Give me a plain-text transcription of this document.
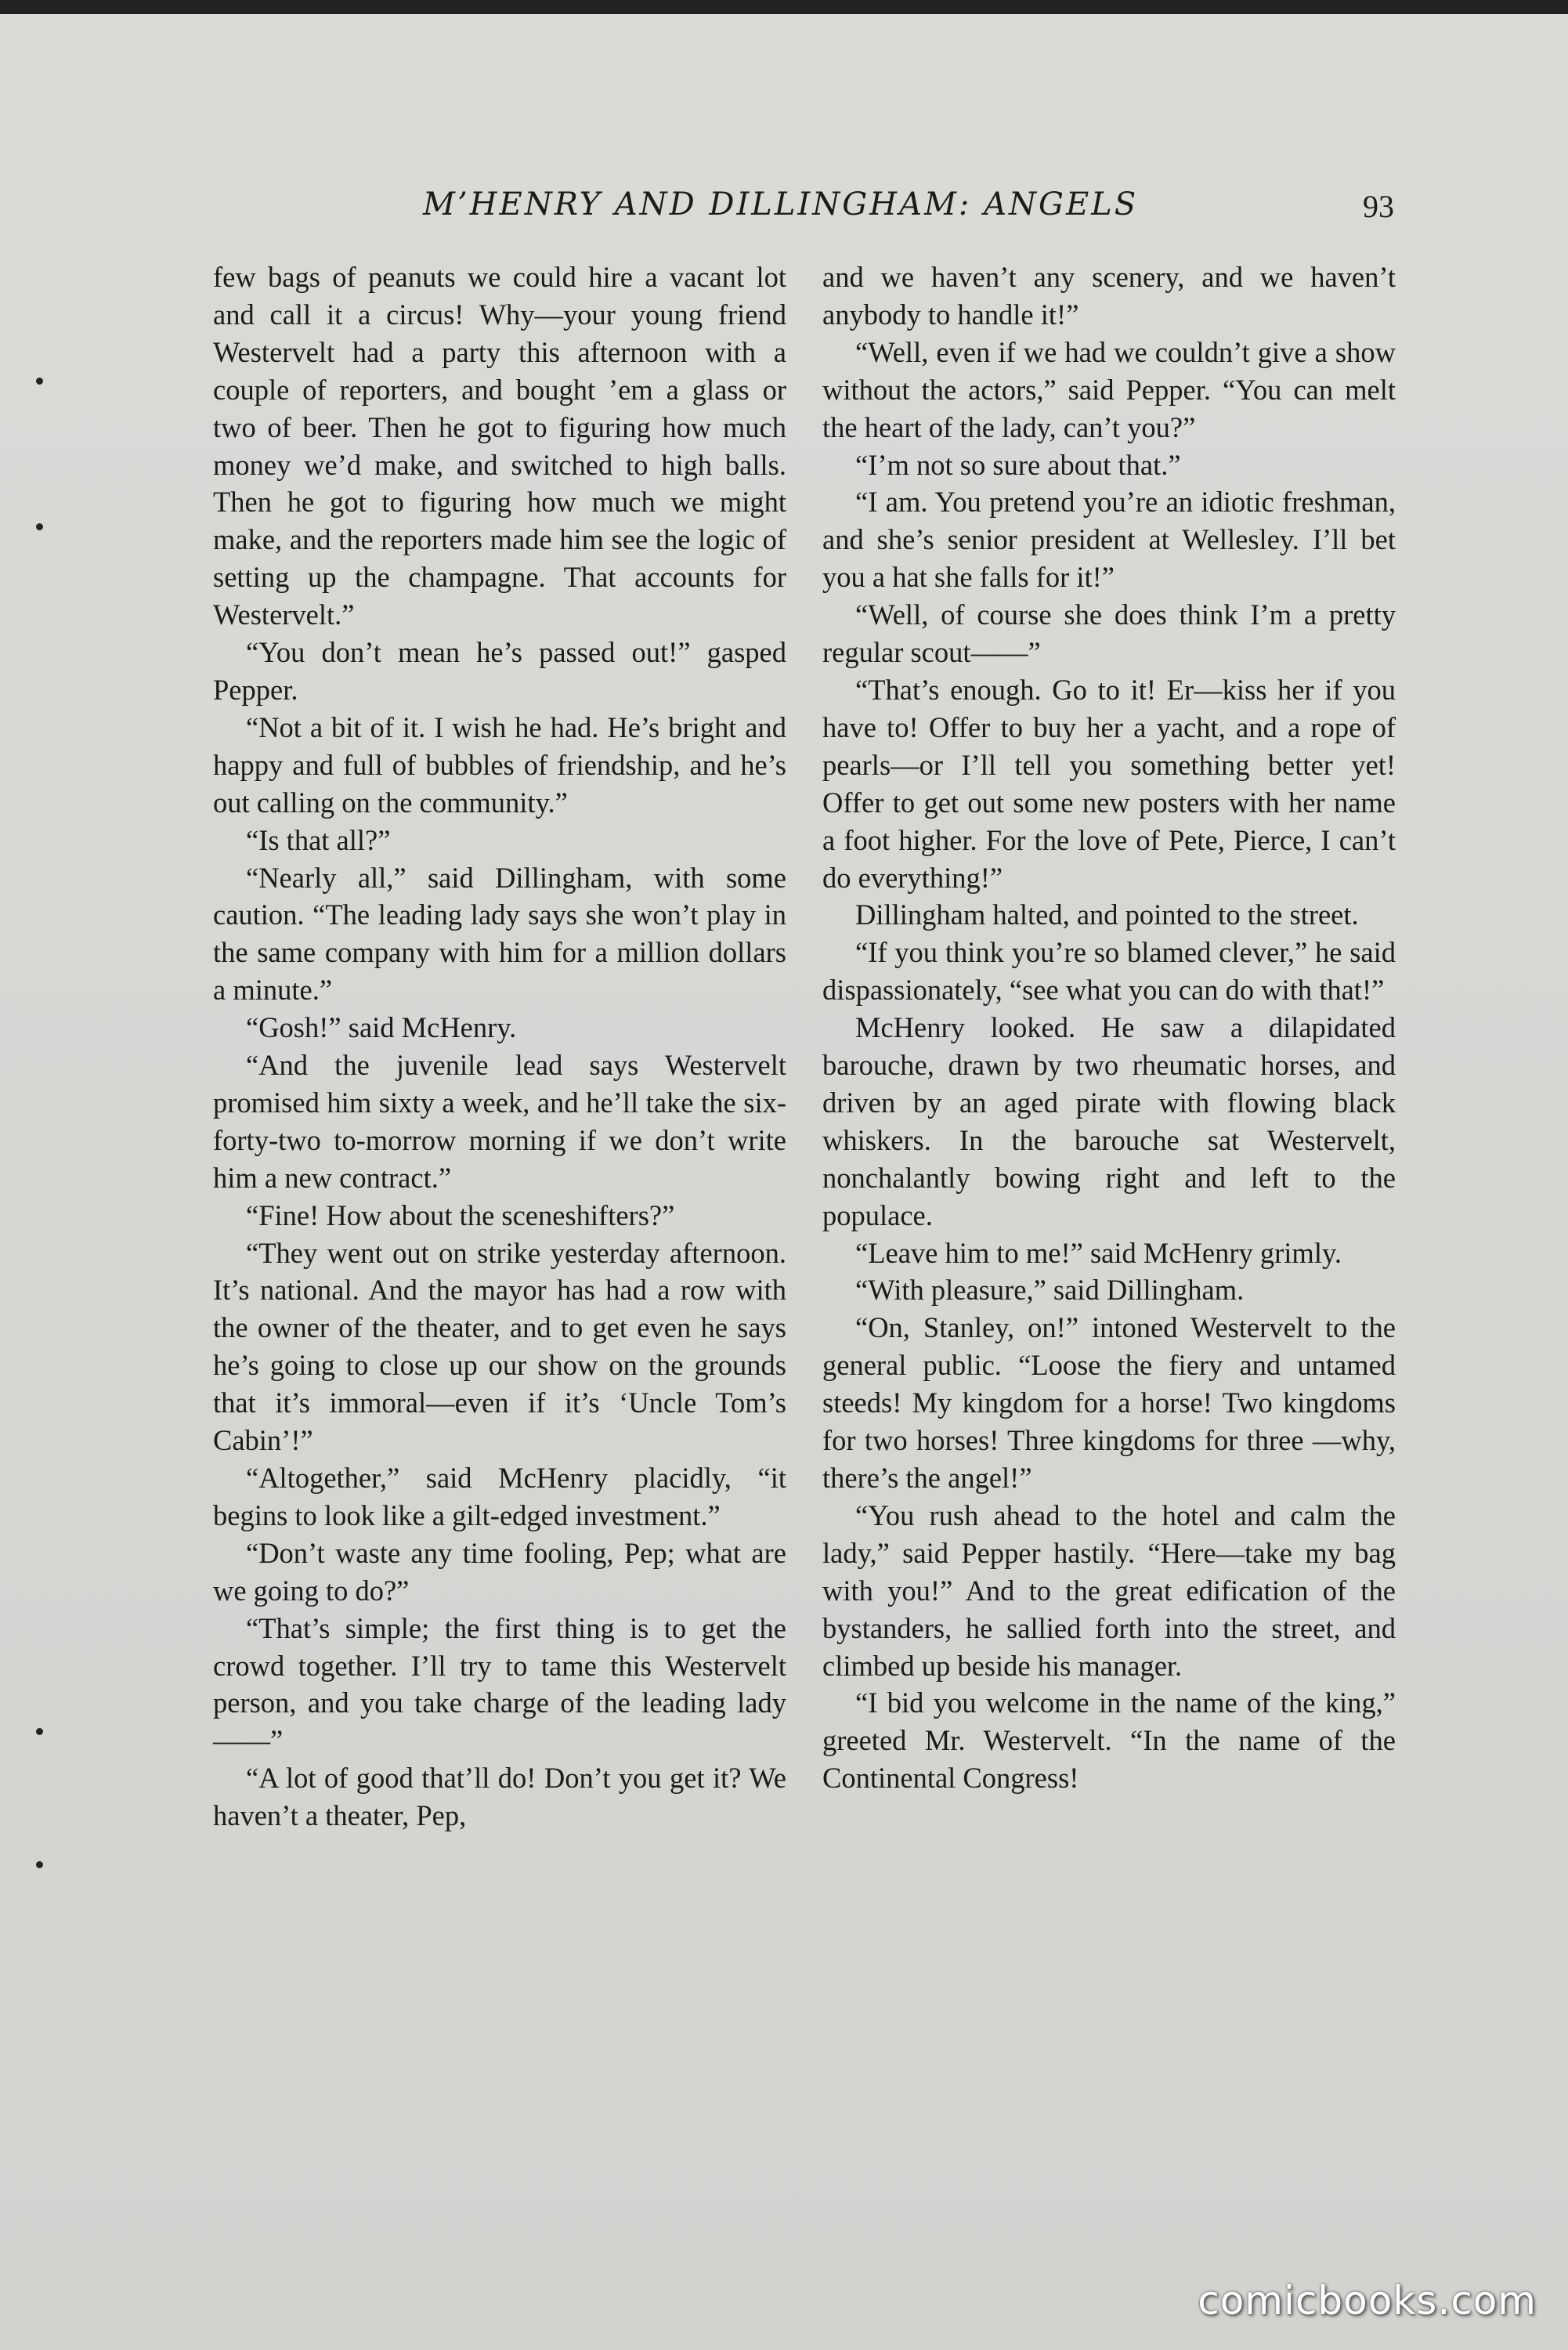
M’HENRY AND DILLINGHAM: ANGELS	93

few bags of peanuts we could hire a vacant lot and call it a circus! Why—your young friend Westervelt had a party this afternoon with a couple of reporters, and bought ’em a glass or two of beer. Then he got to figuring how much money we’d make, and switched to high balls. Then he got to figuring how much we might make, and the reporters made him see the logic of setting up the champagne. That accounts for Westervelt.”

“You don’t mean he’s passed out!” gasped Pepper.

“Not a bit of it. I wish he had. He’s bright and happy and full of bubbles of friendship, and he’s out calling on the community.”

“Is that all?”

“Nearly all,” said Dillingham, with some caution. “The leading lady says she won’t play in the same company with him for a million dollars a minute.”

“Gosh!” said McHenry.

“And the juvenile lead says Westervelt promised him sixty a week, and he’ll take the six-forty-two to-morrow morning if we don’t write him a new contract.”

“Fine! How about the sceneshifters?”

“They went out on strike yesterday afternoon. It’s national. And the mayor has had a row with the owner of the theater, and to get even he says he’s going to close up our show on the grounds that it’s immoral—even if it’s ‘Uncle Tom’s Cabin’!”

“Altogether,” said McHenry placidly, “it begins to look like a gilt-edged investment.”

“Don’t waste any time fooling, Pep; what are we going to do?”

“That’s simple; the first thing is to get the crowd together. I’ll try to tame this Westervelt person, and you take charge of the leading lady——”

“A lot of good that’ll do! Don’t you get it? We haven’t a theater, Pep,

and we haven’t any scenery, and we haven’t anybody to handle it!”

“Well, even if we had we couldn’t give a show without the actors,” said Pepper. “You can melt the heart of the lady, can’t you?”

“I’m not so sure about that.”

“I am. You pretend you’re an idiotic freshman, and she’s senior president at Wellesley. I’ll bet you a hat she falls for it!”

“Well, of course she does think I’m a pretty regular scout——”

“That’s enough. Go to it! Er—kiss her if you have to! Offer to buy her a yacht, and a rope of pearls—or I’ll tell you something better yet! Offer to get out some new posters with her name a foot higher. For the love of Pete, Pierce, I can’t do everything!”

Dillingham halted, and pointed to the street.

“If you think you’re so blamed clever,” he said dispassionately, “see what you can do with that!”

McHenry looked. He saw a dilapidated barouche, drawn by two rheumatic horses, and driven by an aged pirate with flowing black whiskers. In the barouche sat Westervelt, nonchalantly bowing right and left to the populace.

“Leave him to me!” said McHenry grimly.

“With pleasure,” said Dillingham.

“On, Stanley, on!” intoned Westervelt to the general public. “Loose the fiery and untamed steeds! My kingdom for a horse! Two kingdoms for two horses! Three kingdoms for three —why, there’s the angel!”

“You rush ahead to the hotel and calm the lady,” said Pepper hastily. “Here—take my bag with you!” And to the great edification of the bystanders, he sallied forth into the street, and climbed up beside his manager.

“I bid you welcome in the name of the king,” greeted Mr. Westervelt. “In the name of the Continental Congress!

comicbooks.com
